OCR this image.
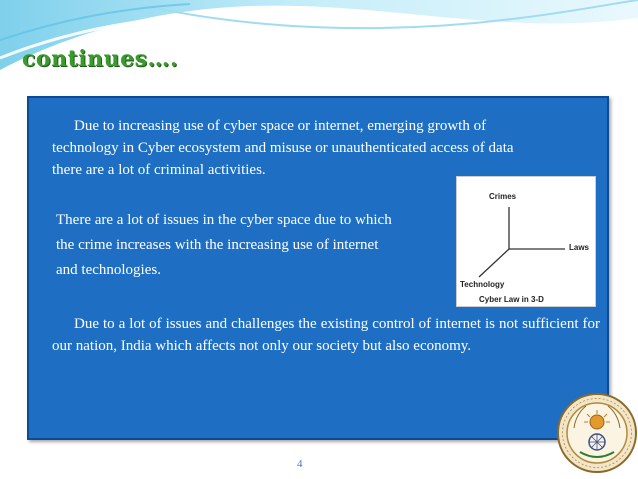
continues….

Due to increasing use of cyber space or internet, emerging growth of
technology in Cyber ecosystem and misuse or unauthenticated access of data
there are a lot of criminal activities.

There are a lot of issues in the cyber space due to which
the crime increases with the increasing use of internet
and technologies.

Due to a lot of issues and challenges the existing control of internet is not sufficient for our nation, India which affects not only our society but also economy.

Crimes
Laws
Technology
Cyber Law in 3-D
4
